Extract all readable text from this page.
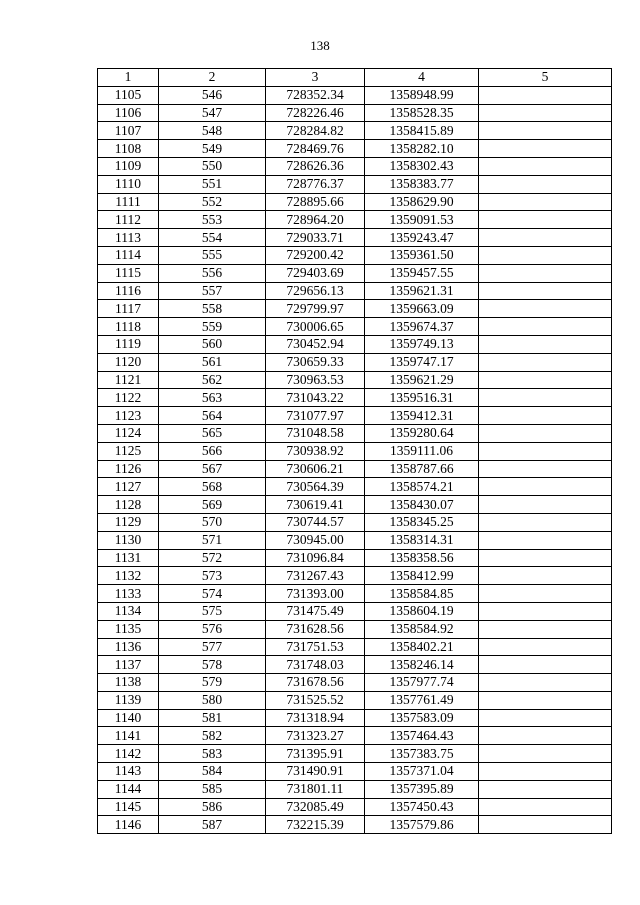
138
1	2	3	4	5
1105	546	728352.34	1358948.99	
1106	547	728226.46	1358528.35	
1107	548	728284.82	1358415.89	
1108	549	728469.76	1358282.10	
1109	550	728626.36	1358302.43	
1110	551	728776.37	1358383.77	
1111	552	728895.66	1358629.90	
1112	553	728964.20	1359091.53	
1113	554	729033.71	1359243.47	
1114	555	729200.42	1359361.50	
1115	556	729403.69	1359457.55	
1116	557	729656.13	1359621.31	
1117	558	729799.97	1359663.09	
1118	559	730006.65	1359674.37	
1119	560	730452.94	1359749.13	
1120	561	730659.33	1359747.17	
1121	562	730963.53	1359621.29	
1122	563	731043.22	1359516.31	
1123	564	731077.97	1359412.31	
1124	565	731048.58	1359280.64	
1125	566	730938.92	1359111.06	
1126	567	730606.21	1358787.66	
1127	568	730564.39	1358574.21	
1128	569	730619.41	1358430.07	
1129	570	730744.57	1358345.25	
1130	571	730945.00	1358314.31	
1131	572	731096.84	1358358.56	
1132	573	731267.43	1358412.99	
1133	574	731393.00	1358584.85	
1134	575	731475.49	1358604.19	
1135	576	731628.56	1358584.92	
1136	577	731751.53	1358402.21	
1137	578	731748.03	1358246.14	
1138	579	731678.56	1357977.74	
1139	580	731525.52	1357761.49	
1140	581	731318.94	1357583.09	
1141	582	731323.27	1357464.43	
1142	583	731395.91	1357383.75	
1143	584	731490.91	1357371.04	
1144	585	731801.11	1357395.89	
1145	586	732085.49	1357450.43	
1146	587	732215.39	1357579.86	
